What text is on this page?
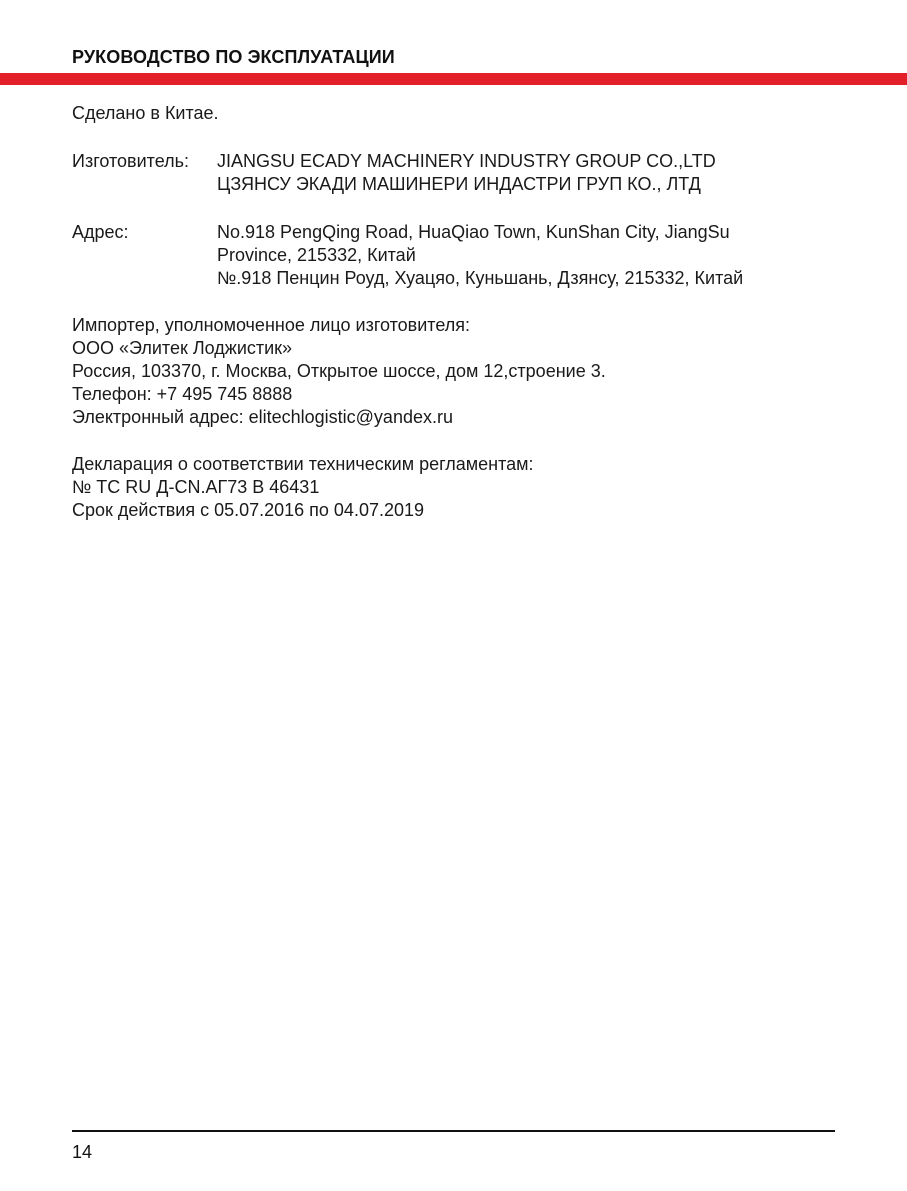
РУКОВОДСТВО ПО ЭКСПЛУАТАЦИИ
Сделано в Китае.
Изготовитель:	JIANGSU ECADY MACHINERY INDUSTRY GROUP CO.,LTD
ЦЗЯНСУ ЭКАДИ МАШИНЕРИ ИНДАСТРИ ГРУП КО., ЛТД
Адрес:	No.918 PengQing Road, HuaQiao Town, KunShan City, JiangSu
Province, 215332, Китай
№.918 Пенцин Роуд, Хуацяо, Куньшань, Дзянсу, 215332, Китай
Импортер, уполномоченное лицо изготовителя:
ООО «Элитек Лоджистик»
Россия, 103370, г. Москва, Открытое шоссе, дом 12,строение 3.
Телефон: +7 495 745 8888
Электронный адрес: elitechlogistic@yandex.ru
Декларация о соответствии техническим регламентам:
№ ТС RU Д-CN.АГ73 В 46431
Срок действия с 05.07.2016 по 04.07.2019
14
